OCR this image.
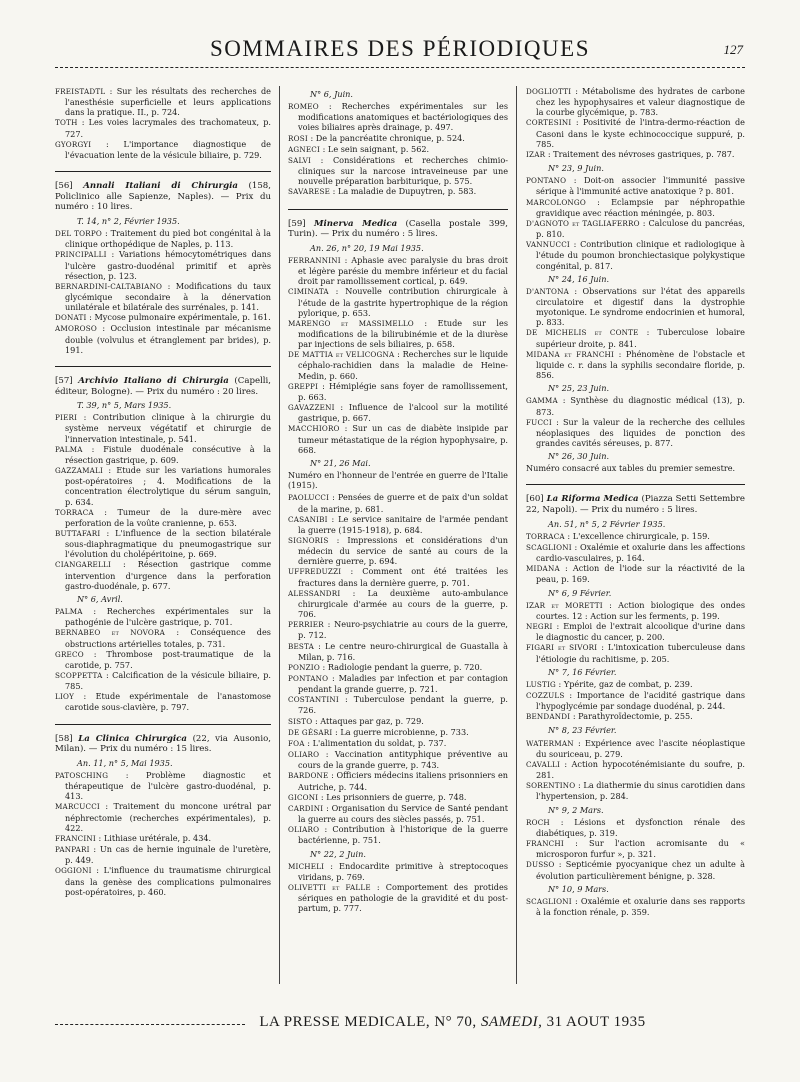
SOMMAIRES DES PÉRIODIQUES	127

FREISTADTL : Sur les résultats des recherches de l'anesthésie superficielle et leurs applications dans la pratique. II., p. 724.

TOTH : Les voies lacrymales des trachomateux, p. 727.

GYORGYI : L'importance diagnostique de l'évacuation lente de la vésicule biliaire, p. 729.

[56] Annali Italiani di Chirurgia (158, Policlinico alle Sapienze, Naples). — Prix du numéro : 10 lires.

T. 14, n° 2, Février 1935.

DEL TORPO : Traitement du pied bot congénital à la clinique orthopédique de Naples, p. 113.

PRINCIPALLI : Variations hémocytométriques dans l'ulcère gastro-duodénal primitif et après résection, p. 123.

BERNARDINI-CALTABIANO : Modifications du taux glycémique secondaire à la dénervation unilatérale et bilatérale des surrénales, p. 141.

DONATI : Mycose pulmonaire expérimentale, p. 161.

AMOROSO : Occlusion intestinale par mécanisme double (volvulus et étranglement par brides), p. 191.

[57] Archivio Italiano di Chirurgia (Capelli, éditeur, Bologne). — Prix du numéro : 20 lires.

T. 39, n° 5, Mars 1935.

PIERI : Contribution clinique à la chirurgie du système nerveux végétatif et chirurgie de l'innervation intestinale, p. 541.

PALMA : Fistule duodénale consécutive à la résection gastrique, p. 609.

GAZZAMALI : Etude sur les variations humorales post-opératoires ; 4. Modifications de la concentration électrolytique du sérum sanguin, p. 634.

TORRACA : Tumeur de la dure-mère avec perforation de la voûte cranienne, p. 653.

BUTTAFARI : L'influence de la section bilatérale sous-diaphragmatique du pneumogastrique sur l'évolution du cholépéritoine, p. 669.

CIANGARELLI : Résection gastrique comme intervention d'urgence dans la perforation gastro-duodénale, p. 677.

N° 6, Avril.

PALMA : Recherches expérimentales sur la pathogénie de l'ulcère gastrique, p. 701.

BERNABEO et NOVORA : Conséquence des obstructions artérielles totales, p. 731.

GRECO : Thrombose post-traumatique de la carotide, p. 757.

SCOPPETTA : Calcification de la vésicule biliaire, p. 785.

LIOY : Etude expérimentale de l'anastomose carotide sous-clavière, p. 797.

[58] La Clinica Chirurgica (22, via Ausonio, Milan). — Prix du numéro : 15 lires.

An. 11, n° 5, Mai 1935.

PATOSCHING : Problème diagnostic et thérapeutique de l'ulcère gastro-duodénal, p. 413.

MARCUCCI : Traitement du moncone urétral par néphrectomie (recherches expérimentales), p. 422.

FRANCINI : Lithiase urétérale, p. 434.

PANPARI : Un cas de hernie inguinale de l'uretère, p. 449.

OGGIONI : L'influence du traumatisme chirurgical dans la genèse des complications pulmonaires post-opératoires, p. 460.

N° 6, Juin.

ROMEO : Recherches expérimentales sur les modifications anatomiques et bactériologiques des voies biliaires après drainage, p. 497.

ROSI : De la pancréatite chronique, p. 524.

AGNECI : Le sein saignant, p. 562.

SALVI : Considérations et recherches chimio-cliniques sur la narcose intraveineuse par une nouvelle préparation barbiturique, p. 575.

SAVARESE : La maladie de Dupuytren, p. 583.

[59] Minerva Medica (Casella postale 399, Turin). — Prix du numéro : 5 lires.

An. 26, n° 20, 19 Mai 1935.

FERRANNINI : Aphasie avec paralysie du bras droit et légère parésie du membre inférieur et du facial droit par ramollissement cortical, p. 649.

CIMINATA : Nouvelle contribution chirurgicale à l'étude de la gastrite hypertrophique de la région pylorique, p. 653.

MARENGO et MASSIMELLO : Etude sur les modifications de la bilirubinémie et de la diurèse par injections de sels biliaires, p. 658.

DE MATTIA et VELICOGNA : Recherches sur le liquide céphalo-rachidien dans la maladie de Heine-Medin, p. 660.

GREPPI : Hémiplégie sans foyer de ramollissement, p. 663.

GAVAZZENI : Influence de l'alcool sur la motilité gastrique, p. 667.

MACCHIORO : Sur un cas de diabète insipide par tumeur métastatique de la région hypophysaire, p. 668.

N° 21, 26 Mai.

Numéro en l'honneur de l'entrée en guerre de l'Italie (1915).

PAOLUCCI : Pensées de guerre et de paix d'un soldat de la marine, p. 681.

CASANIBI : Le service sanitaire de l'armée pendant la guerre (1915-1918), p. 684.

SIGNORIS : Impressions et considérations d'un médecin du service de santé au cours de la dernière guerre, p. 694.

UFFREDUZZI : Comment ont été traitées les fractures dans la dernière guerre, p. 701.

ALESSANDRI : La deuxième auto-ambulance chirurgicale d'armée au cours de la guerre, p. 706.

PERRIER : Neuro-psychiatrie au cours de la guerre, p. 712.

BESTA : Le centre neuro-chirurgical de Guastalla à Milan, p. 716.

PONZIO : Radiologie pendant la guerre, p. 720.

PONTANO : Maladies par infection et par contagion pendant la grande guerre, p. 721.

COSTANTINI : Tuberculose pendant la guerre, p. 726.

SISTO : Attaques par gaz, p. 729.

DE GÉSARI : La guerre microbienne, p. 733.

FOA : L'alimentation du soldat, p. 737.

OLIARO : Vaccination antityphique préventive au cours de la grande guerre, p. 743.

BARDONE : Officiers médecins italiens prisonniers en Autriche, p. 744.

GICONI : Les prisonniers de guerre, p. 748.

CARDINI : Organisation du Service de Santé pendant la guerre au cours des siècles passés, p. 751.

OLIARO : Contribution à l'historique de la guerre bactérienne, p. 751.

N° 22, 2 Juin.

MICHELI : Endocardite primitive à streptocoques viridans, p. 769.

OLIVETTI et FALLE : Comportement des protides sériques en pathologie de la gravidité et du post-partum, p. 777.

DOGLIOTTI : Métabolisme des hydrates de carbone chez les hypophysaires et valeur diagnostique de la courbe glycémique, p. 783.

CORTESINI : Positivité de l'intra-dermo-réaction de Casoni dans le kyste echinococcique suppuré, p. 785.

IZAR : Traitement des névroses gastriques, p. 787.

N° 23, 9 Juin.

PONTANO : Doit-on associer l'immunité passive sérique à l'immunité active anatoxique ? p. 801.

MARCOLONGO : Eclampsie par néphropathie gravidique avec réaction méningée, p. 803.

D'AGNOTO et TAGLIAFERRO : Calculose du pancréas, p. 810.

VANNUCCI : Contribution clinique et radiologique à l'étude du poumon bronchiectasique polykystique congénital, p. 817.

N° 24, 16 Juin.

D'ANTONA : Observations sur l'état des appareils circulatoire et digestif dans la dystrophie myotonique. Le syndrome endocrinien et humoral, p. 833.

DE MICHELIS et CONTE : Tuberculose lobaire supérieur droite, p. 841.

MIDANA et FRANCHI : Phénomène de l'obstacle et liquide c. r. dans la syphilis secondaire floride, p. 856.

N° 25, 23 Juin.

GAMMA : Synthèse du diagnostic médical (13), p. 873.

FUCCI : Sur la valeur de la recherche des cellules néoplasiques des liquides de ponction des grandes cavités séreuses, p. 877.

N° 26, 30 Juin.

Numéro consacré aux tables du premier semestre.

[60] La Riforma Medica (Piazza Setti Settembre 22, Napoli). — Prix du numéro : 5 lires.

An. 51, n° 5, 2 Février 1935.

TORRACA : L'excellence chirurgicale, p. 159.

SCAGLIONI : Oxalémie et oxalurie dans les affections cardio-vasculaires, p. 164.

MIDANA : Action de l'iode sur la réactivité de la peau, p. 169.

N° 6, 9 Février.

IZAR et MORETTI : Action biologique des ondes courtes. 12 : Action sur les ferments, p. 199.

NEGRI : Emploi de l'extrait alcoolique d'urine dans le diagnostic du cancer, p. 200.

FIGARI et SIVORI : L'intoxication tuberculeuse dans l'étiologie du rachitisme, p. 205.

N° 7, 16 Février.

LUSTIG : Ypérite, gaz de combat, p. 239.

COZZULS : Importance de l'acidité gastrique dans l'hypoglycémie par sondage duodénal, p. 244.

BENDANDI : Parathyroïdectomie, p. 255.

N° 8, 23 Février.

WATERMAN : Expérience avec l'ascite néoplastique du souriceau, p. 279.

CAVALLI : Action hypocoténémisiante du soufre, p. 281.

SORENTINO : La diathermie du sinus carotidien dans l'hypertension, p. 284.

N° 9, 2 Mars.

ROCH : Lésions et dysfonction rénale des diabétiques, p. 319.

FRANCHI : Sur l'action acromisante du « microsporon furfur », p. 321.

DUSSO : Septicémie pyocyanique chez un adulte à évolution particulièrement bénigne, p. 328.

N° 10, 9 Mars.

SCAGLIONI : Oxalémie et oxalurie dans ses rapports à la fonction rénale, p. 359.

LA PRESSE MEDICALE, N° 70, SAMEDI, 31 AOUT 1935
